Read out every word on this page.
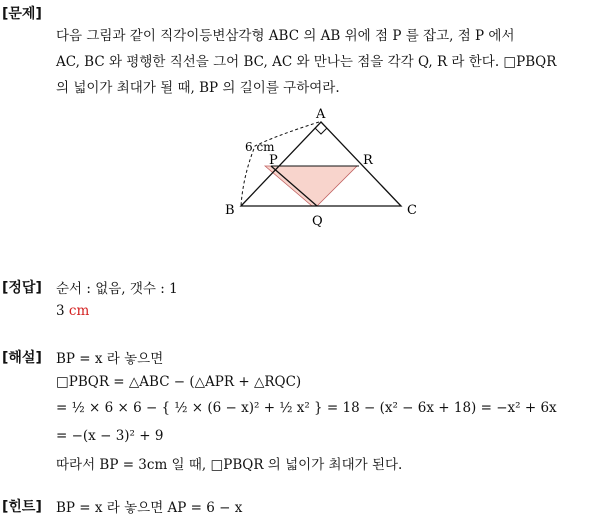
[문제]
다음 그림과 같이 직각이등변삼각형 ABC 의 AB 위에 점 P 를 잡고, 점 P 에서
AC, BC 와 평행한 직선을 그어 BC, AC 와 만나는 점을 각각 Q, R 라 한다. □PBQR
의 넓이가 최대가 될 때, BP 의 길이를 구하여라.
A
B	C
P
Q
R
6 cm
[정답] 순서 : 없음, 갯수 : 1
3 cm
[해설] BP = x 라 놓으면
□PBQR = △ABC − (△APR + △RQC)
= ½ × 6 × 6 − { ½ × (6 − x)² + ½ x² } = 18 − (x² − 6x + 18) = −x² + 6x
= −(x − 3)² + 9
따라서 BP = 3cm 일 때, □PBQR 의 넓이가 최대가 된다.
[힌트] BP = x 라 놓으면 AP = 6 − x
